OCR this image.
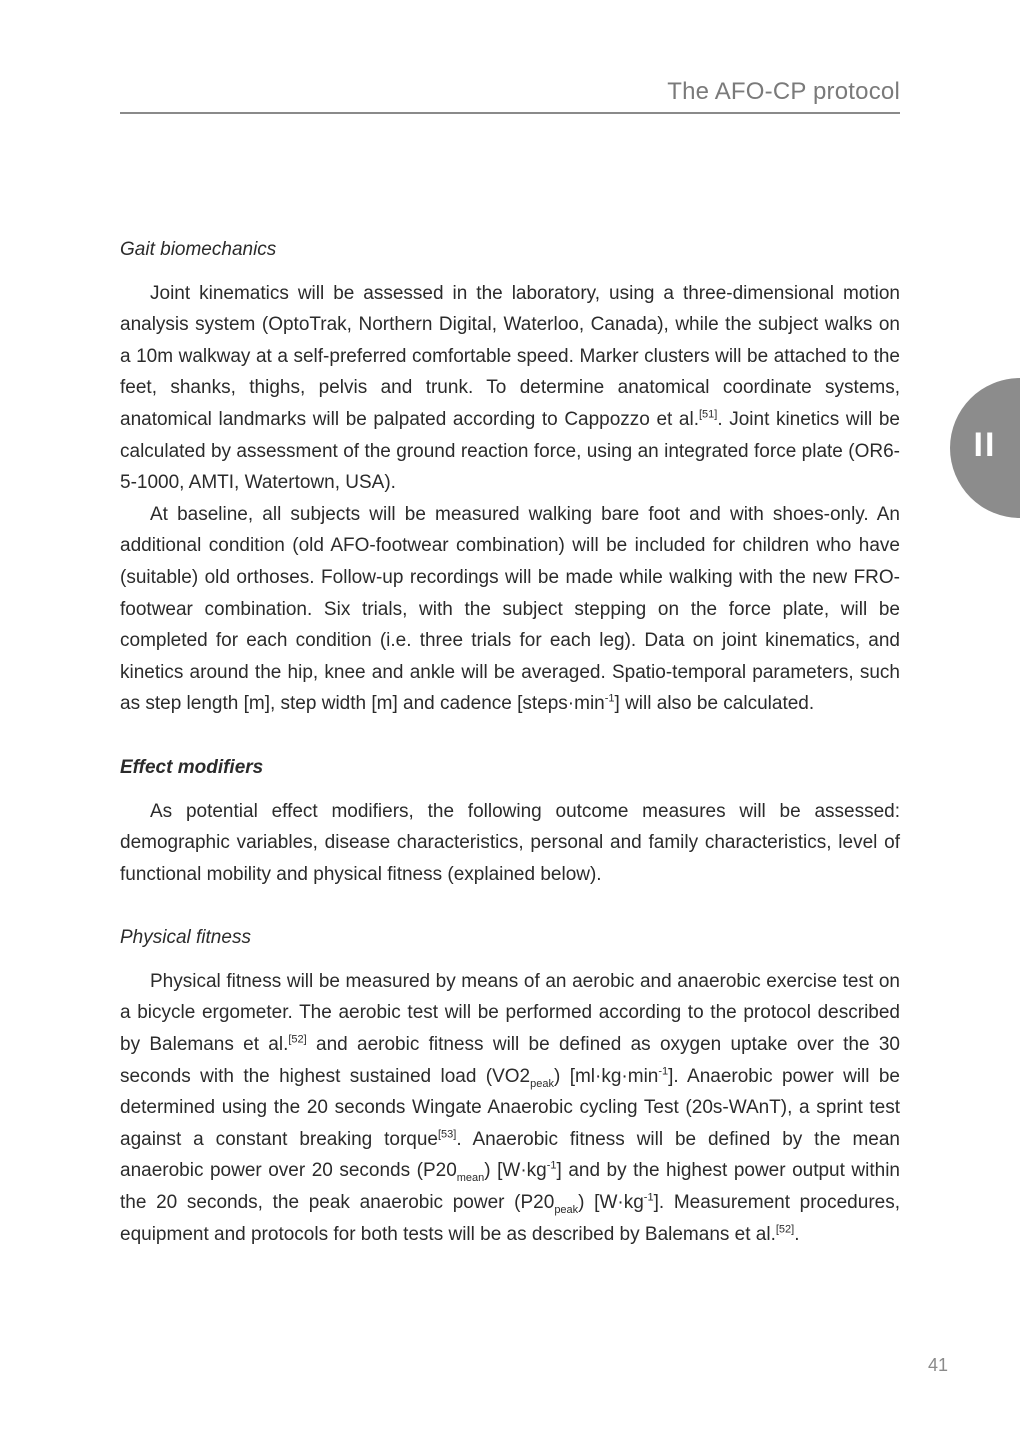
The AFO-CP protocol
II

Gait biomechanics

Joint kinematics will be assessed in the laboratory, using a three-dimensional motion analysis system (OptoTrak, Northern Digital, Waterloo, Canada), while the subject walks on a 10m walkway at a self-preferred comfortable speed. Marker clusters will be attached to the feet, shanks, thighs, pelvis and trunk. To determine anatomical coordinate systems, anatomical landmarks will be palpated according to Cappozzo et al.[51]. Joint kinetics will be calculated by assessment of the ground reaction force, using an integrated force plate (OR6-5-1000, AMTI, Watertown, USA).

At baseline, all subjects will be measured walking bare foot and with shoes-only. An additional condition (old AFO-footwear combination) will be included for children who have (suitable) old orthoses. Follow-up recordings will be made while walking with the new FRO-footwear combination. Six trials, with the subject stepping on the force plate, will be completed for each condition (i.e. three trials for each leg). Data on joint kinematics, and kinetics around the hip, knee and ankle will be averaged. Spatio-temporal parameters, such as step length [m], step width [m] and cadence $[steps\cdot\min^{-1}]$ will also be calculated.

Effect modifiers

As potential effect modifiers, the following outcome measures will be assessed: demographic variables, disease characteristics, personal and family characteristics, level of functional mobility and physical fitness (explained below).

Physical fitness

Physical fitness will be measured by means of an aerobic and anaerobic exercise test on a bicycle ergometer. The aerobic test will be performed according to the protocol described by Balemans et al.[52] and aerobic fitness will be defined as oxygen uptake over the 30 seconds with the highest sustained load $(VO2_{peak})$ $[ml\cdot kg\cdot\min^{-1}]$. Anaerobic power will be determined using the 20 seconds Wingate Anaerobic cycling Test (20s-WAnT), a sprint test against a constant breaking torque[53]. Anaerobic fitness will be defined by the mean anaerobic power over 20 seconds $(P20_{mean})$ $[W\cdot kg^{-1}]$ and by the highest power output within the 20 seconds, the peak anaerobic power $(P20_{peak})$ $[W\cdot kg^{-1}]$. Measurement procedures, equipment and protocols for both tests will be as described by Balemans et al.[52].

41
